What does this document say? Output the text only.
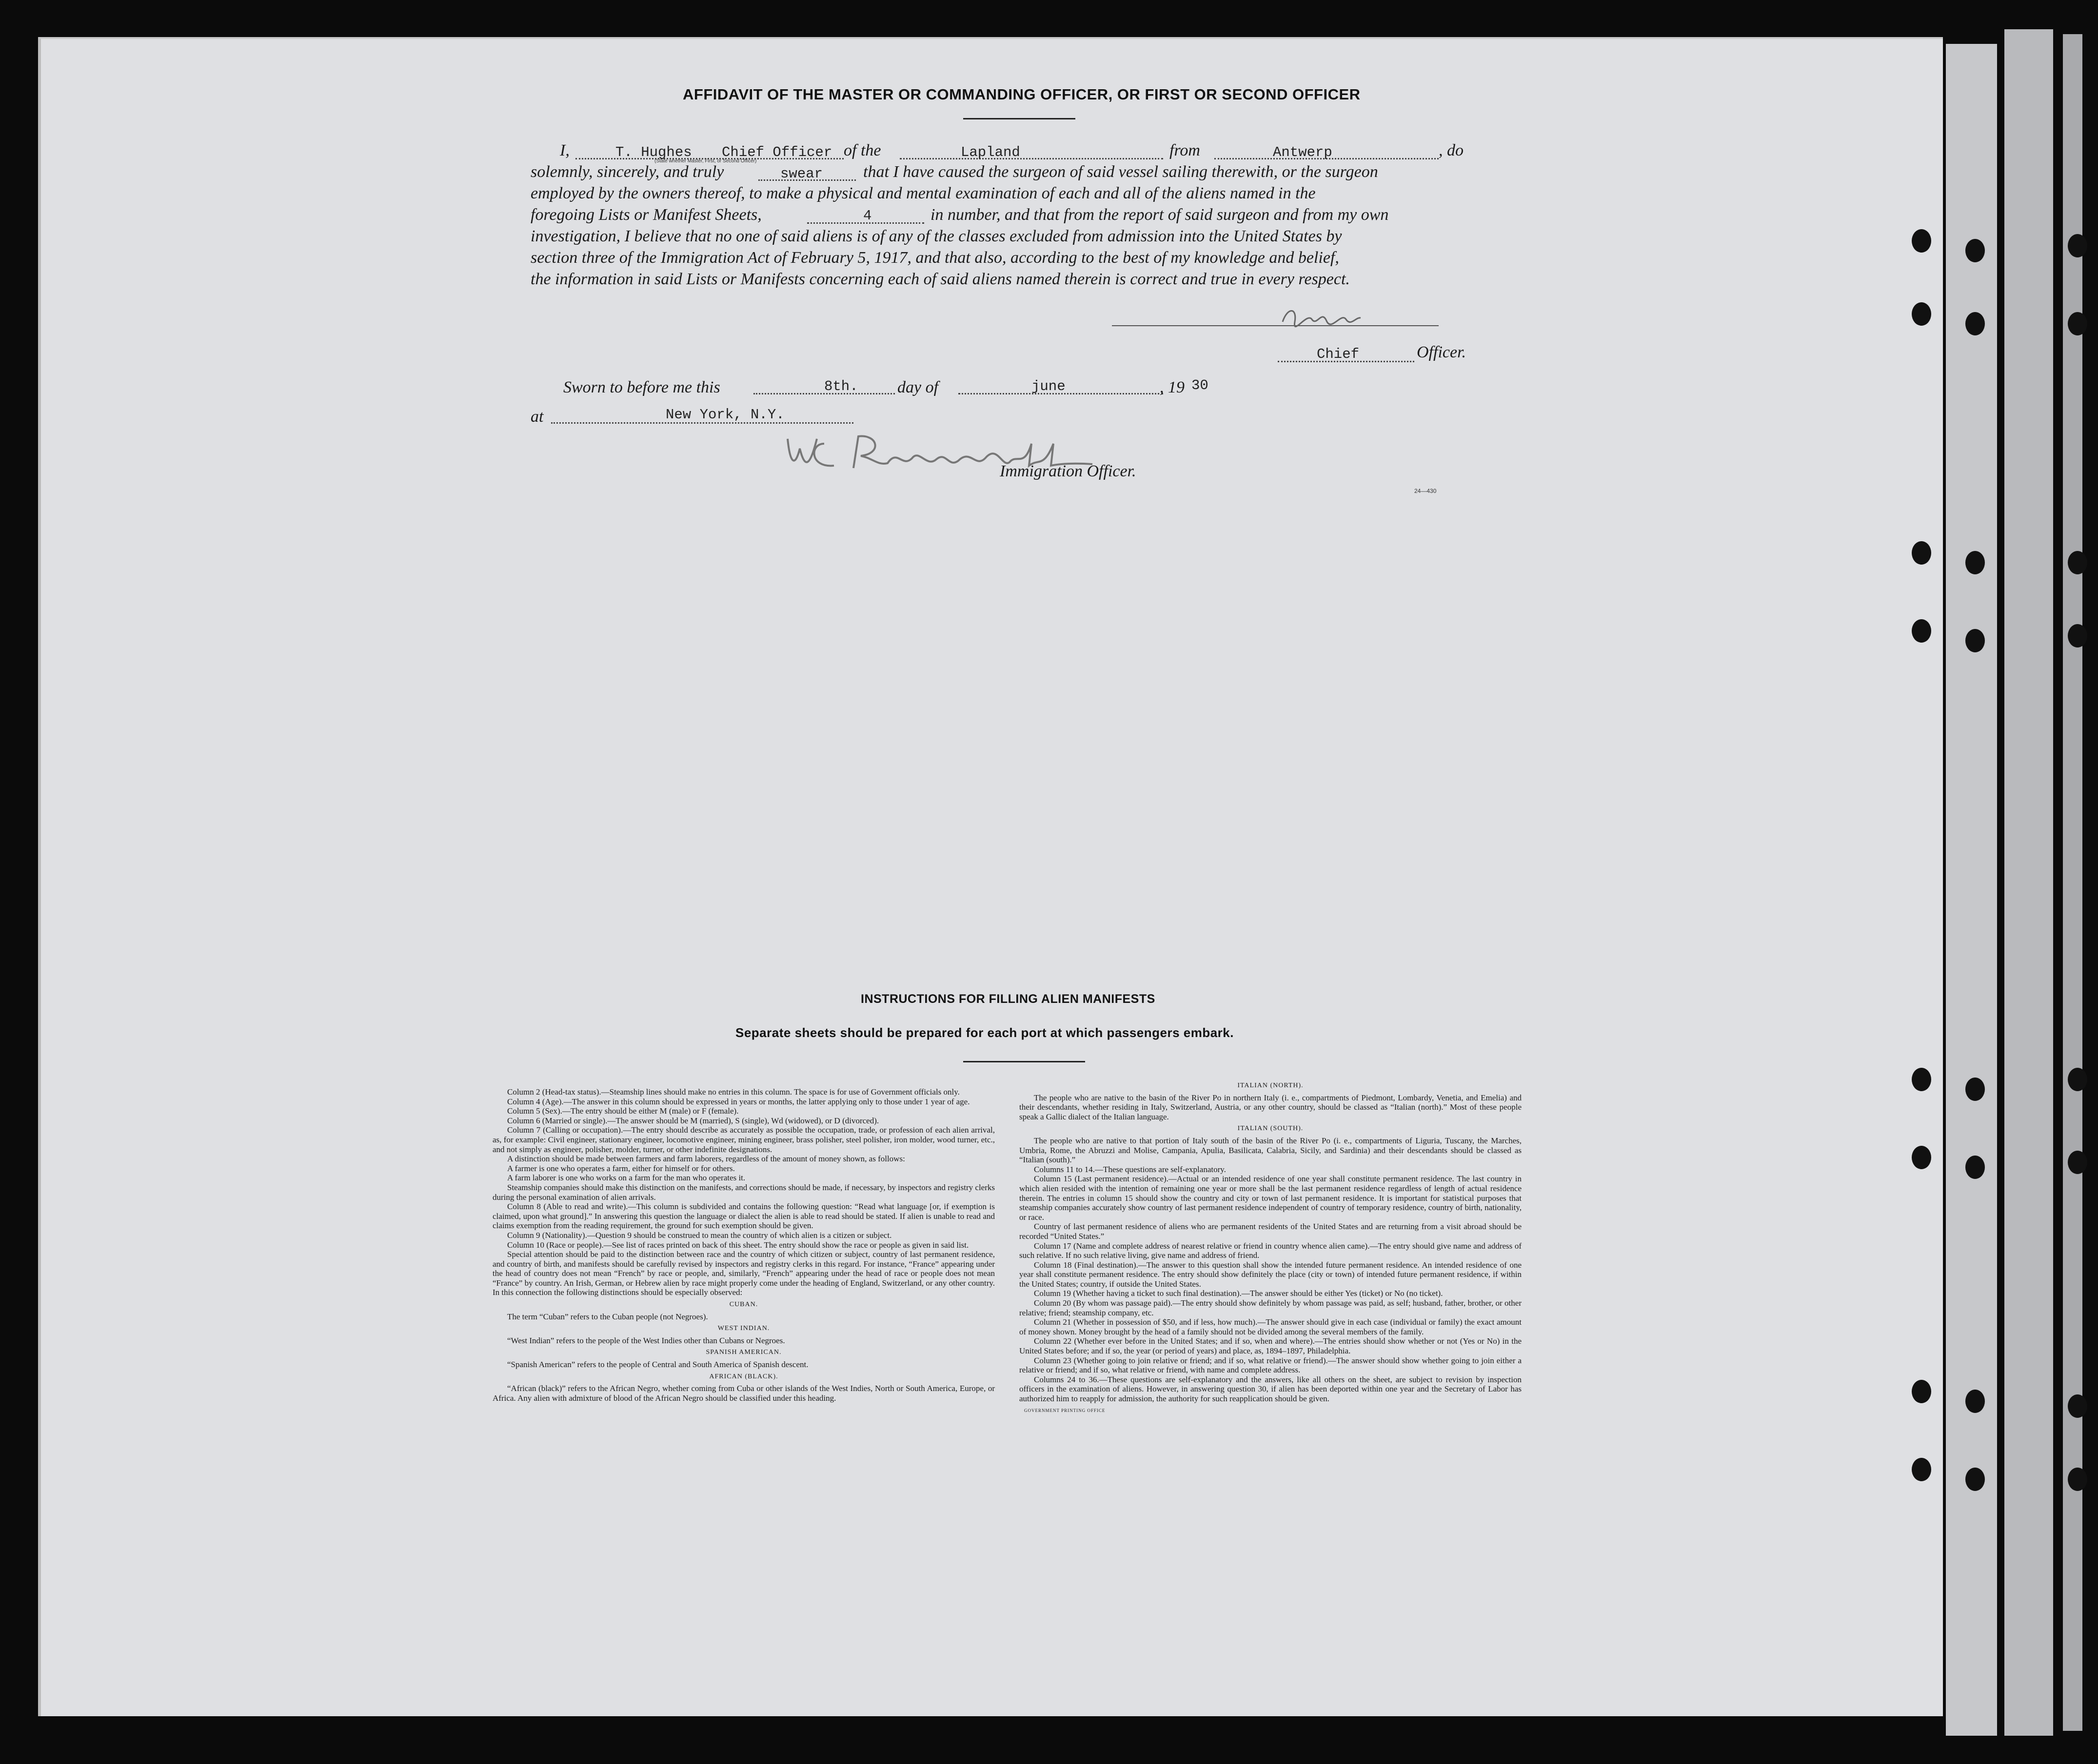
AFFIDAVIT OF THE MASTER OR COMMANDING OFFICER, OR FIRST OR SECOND OFFICER
I,	T. Hughes Chief Officer
(State whether Master, First, or Second Officer)
of the	Lapland	from	Antwerp	, do
solemnly, sincerely, and truly	swear that I have caused the surgeon of said vessel sailing therewith, or the surgeon
employed by the owners thereof, to make a physical and mental examination of each and all of the aliens named in the
foregoing Lists or Manifest Sheets,	4	in number, and that from the report of said surgeon and from my own
investigation, I believe that no one of said aliens is of any of the classes excluded from admission into the United States by
section three of the Immigration Act of February 5, 1917, and that also, according to the best of my knowledge and belief,
the information in said Lists or Manifests concerning each of said aliens named therein is correct and true in every respect.
Chief	Officer.
Sworn to before me this	8th. day of	june	, 19 30
at	New York, N.Y.
Immigration Officer.
24—430
INSTRUCTIONS FOR FILLING ALIEN MANIFESTS
Separate sheets should be prepared for each port at which passengers embark.

Column 2 (Head-tax status).—Steamship lines should make no entries in this column. The space is for use of Government officials only.

Column 4 (Age).—The answer in this column should be expressed in years or months, the latter applying only to those under 1 year of age.

Column 5 (Sex).—The entry should be either M (male) or F (female).

Column 6 (Married or single).—The answer should be M (married), S (single), Wd (widowed), or D (divorced).

Column 7 (Calling or occupation).—The entry should describe as accurately as possible the occupation, trade, or profession of each alien arrival, as, for example: Civil engineer, stationary engineer, locomotive engineer, mining engineer, brass polisher, steel polisher, iron molder, wood turner, etc., and not simply as engineer, polisher, molder, turner, or other indefinite designations.

A distinction should be made between farmers and farm laborers, regardless of the amount of money shown, as follows:

A farmer is one who operates a farm, either for himself or for others.

A farm laborer is one who works on a farm for the man who operates it.

Steamship companies should make this distinction on the manifests, and corrections should be made, if necessary, by inspectors and registry clerks during the personal examination of alien arrivals.

Column 8 (Able to read and write).—This column is subdivided and contains the following question: “Read what language [or, if exemption is claimed, upon what ground].” In answering this question the language or dialect the alien is able to read should be stated. If alien is unable to read and claims exemption from the reading requirement, the ground for such exemption should be given.

Column 9 (Nationality).—Question 9 should be construed to mean the country of which alien is a citizen or subject.

Column 10 (Race or people).—See list of races printed on back of this sheet. The entry should show the race or people as given in said list.

Special attention should be paid to the distinction between race and the country of which citizen or subject, country of last permanent residence, and country of birth, and manifests should be carefully revised by inspectors and registry clerks in this regard. For instance, “France” appearing under the head of country does not mean “French” by race or people, and, similarly, “French” appearing under the head of race or people does not mean “France” by country. An Irish, German, or Hebrew alien by race might properly come under the heading of England, Switzerland, or any other country. In this connection the following distinctions should be especially observed:

CUBAN.

The term “Cuban” refers to the Cuban people (not Negroes).

WEST INDIAN.

“West Indian” refers to the people of the West Indies other than Cubans or Negroes.

SPANISH AMERICAN.

“Spanish American” refers to the people of Central and South America of Spanish descent.

AFRICAN (BLACK).

“African (black)” refers to the African Negro, whether coming from Cuba or other islands of the West Indies, North or South America, Europe, or Africa. Any alien with admixture of blood of the African Negro should be classified under this heading.

ITALIAN (NORTH).

The people who are native to the basin of the River Po in northern Italy (i. e., compartments of Piedmont, Lombardy, Venetia, and Emelia) and their descendants, whether residing in Italy, Switzerland, Austria, or any other country, should be classed as “Italian (north).” Most of these people speak a Gallic dialect of the Italian language.

ITALIAN (SOUTH).

The people who are native to that portion of Italy south of the basin of the River Po (i. e., compartments of Liguria, Tuscany, the Marches, Umbria, Rome, the Abruzzi and Molise, Campania, Apulia, Basilicata, Calabria, Sicily, and Sardinia) and their descendants should be classed as “Italian (south).”

Columns 11 to 14.—These questions are self-explanatory.

Column 15 (Last permanent residence).—Actual or an intended residence of one year shall constitute permanent residence. The last country in which alien resided with the intention of remaining one year or more shall be the last permanent residence regardless of length of actual residence therein. The entries in column 15 should show the country and city or town of last permanent residence. It is important for statistical purposes that steamship companies accurately show country of last permanent residence independent of country of temporary residence, country of birth, nationality, or race.

Country of last permanent residence of aliens who are permanent residents of the United States and are returning from a visit abroad should be recorded “United States.”

Column 17 (Name and complete address of nearest relative or friend in country whence alien came).—The entry should give name and address of such relative. If no such relative living, give name and address of friend.

Column 18 (Final destination).—The answer to this question shall show the intended future permanent residence. An intended residence of one year shall constitute permanent residence. The entry should show definitely the place (city or town) of intended future permanent residence, if within the United States; country, if outside the United States.

Column 19 (Whether having a ticket to such final destination).—The answer should be either Yes (ticket) or No (no ticket).

Column 20 (By whom was passage paid).—The entry should show definitely by whom passage was paid, as self; husband, father, brother, or other relative; friend; steamship company, etc.

Column 21 (Whether in possession of $50, and if less, how much).—The answer should give in each case (individual or family) the exact amount of money shown. Money brought by the head of a family should not be divided among the several members of the family.

Column 22 (Whether ever before in the United States; and if so, when and where).—The entries should show whether or not (Yes or No) in the United States before; and if so, the year (or period of years) and place, as, 1894–1897, Philadelphia.

Column 23 (Whether going to join relative or friend; and if so, what relative or friend).—The answer should show whether going to join either a relative or friend; and if so, what relative or friend, with name and complete address.

Columns 24 to 36.—These questions are self-explanatory and the answers, like all others on the sheet, are subject to revision by inspection officers in the examination of aliens. However, in answering question 30, if alien has been deported within one year and the Secretary of Labor has authorized him to reapply for admission, the authority for such reapplication should be given.

GOVERNMENT PRINTING OFFICE
